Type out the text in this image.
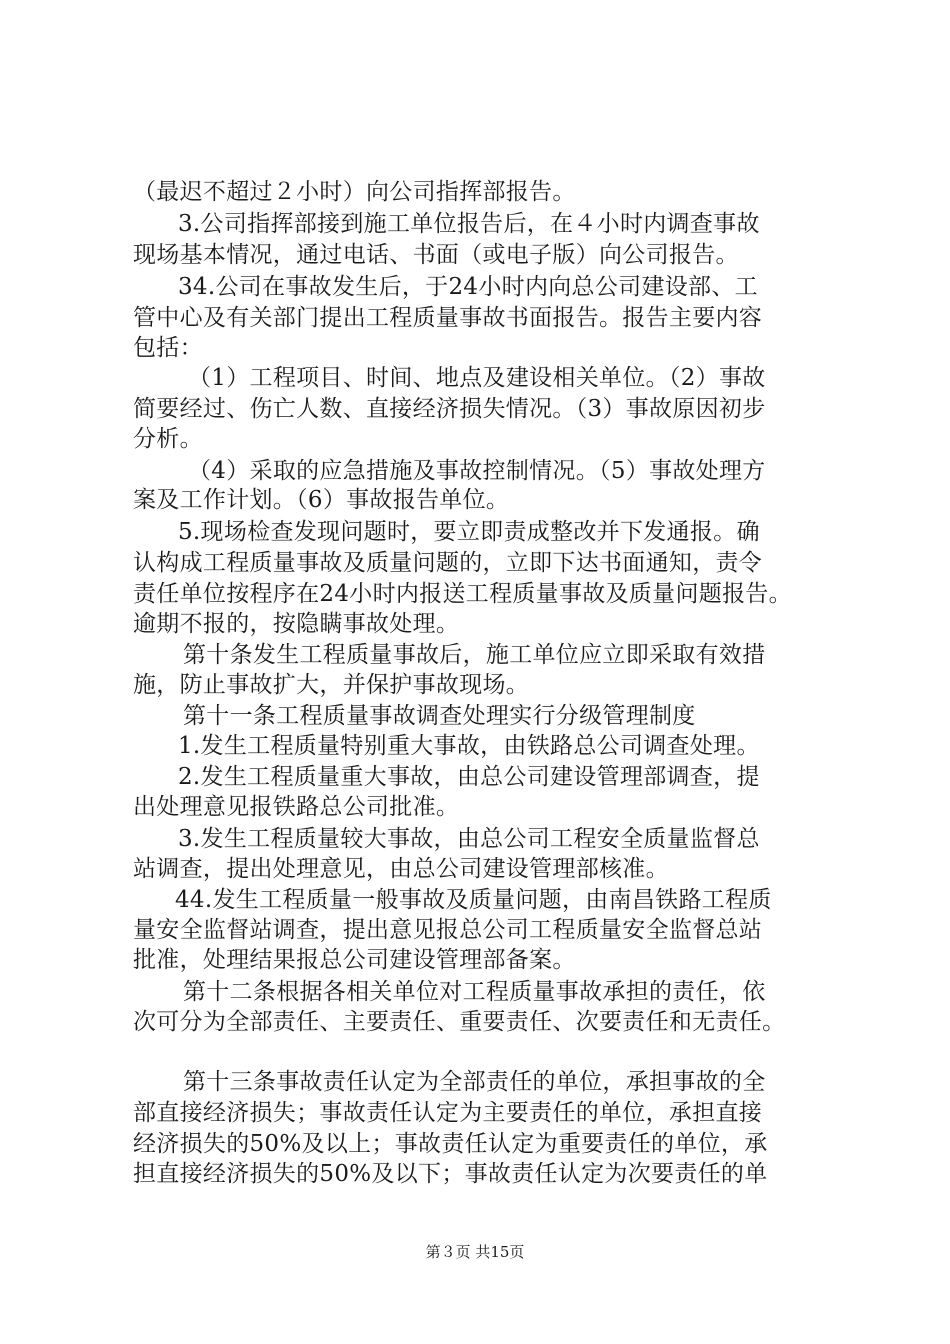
（最迟不超过２小时）向公司指挥部报告。
3.公司指挥部接到施工单位报告后，在４小时内调查事故
现场基本情况，通过电话、书面（或电子版）向公司报告。
34.公司在事故发生后，于24小时内向总公司建设部、工
管中心及有关部门提出工程质量事故书面报告。报告主要内容
包括：
（1）工程项目、时间、地点及建设相关单位。（2）事故
简要经过、伤亡人数、直接经济损失情况。（3）事故原因初步
分析。
（4）采取的应急措施及事故控制情况。（5）事故处理方
案及工作计划。（6）事故报告单位。
5.现场检查发现问题时，要立即责成整改并下发通报。确
认构成工程质量事故及质量问题的，立即下达书面通知，责令
责任单位按程序在24小时内报送工程质量事故及质量问题报告。
逾期不报的，按隐瞒事故处理。
第十条发生工程质量事故后，施工单位应立即采取有效措
施，防止事故扩大，并保护事故现场。
第十一条工程质量事故调查处理实行分级管理制度
1.发生工程质量特别重大事故，由铁路总公司调查处理。
2.发生工程质量重大事故，由总公司建设管理部调查，提
出处理意见报铁路总公司批准。
3.发生工程质量较大事故，由总公司工程安全质量监督总
站调查，提出处理意见，由总公司建设管理部核准。
44.发生工程质量一般事故及质量问题，由南昌铁路工程质
量安全监督站调查，提出意见报总公司工程质量安全监督总站
批准，处理结果报总公司建设管理部备案。
第十二条根据各相关单位对工程质量事故承担的责任，依
次可分为全部责任、主要责任、重要责任、次要责任和无责任。
第十三条事故责任认定为全部责任的单位，承担事故的全
部直接经济损失；事故责任认定为主要责任的单位，承担直接
经济损失的50%及以上；事故责任认定为重要责任的单位，承
担直接经济损失的50%及以下；事故责任认定为次要责任的单
第３页 共15页
